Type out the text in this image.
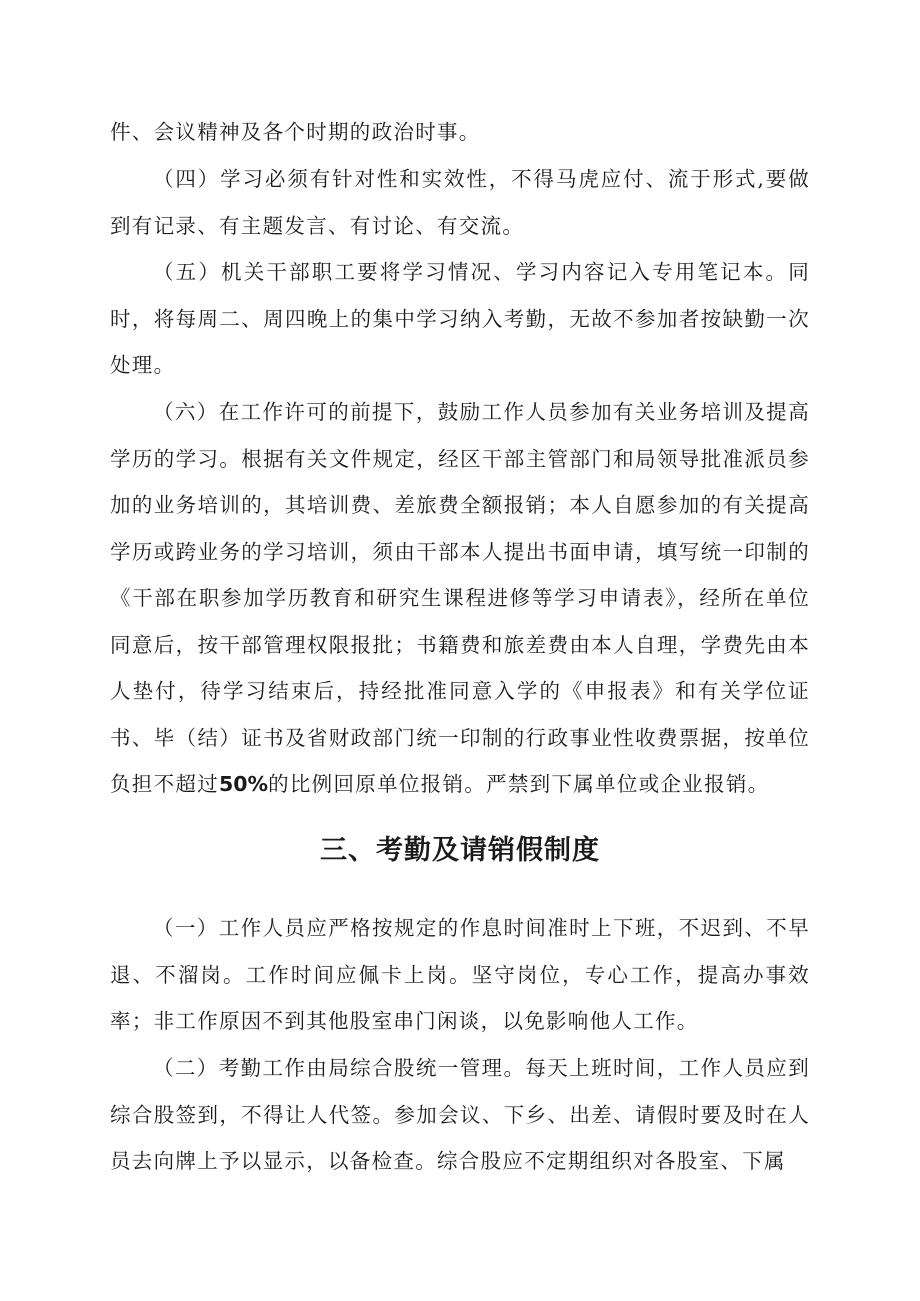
件、会议精神及各个时期的政治时事。

（四）学习必须有针对性和实效性，不得马虎应付、流于形式,要做到有记录、有主题发言、有讨论、有交流。

（五）机关干部职工要将学习情况、学习内容记入专用笔记本。同时，将每周二、周四晚上的集中学习纳入考勤，无故不参加者按缺勤一次处理。

（六）在工作许可的前提下，鼓励工作人员参加有关业务培训及提高学历的学习。根据有关文件规定，经区干部主管部门和局领导批准派员参加的业务培训的，其培训费、差旅费全额报销；本人自愿参加的有关提高学历或跨业务的学习培训，须由干部本人提出书面申请，填写统一印制的《干部在职参加学历教育和研究生课程进修等学习申请表》，经所在单位同意后，按干部管理权限报批；书籍费和旅差费由本人自理，学费先由本人垫付，待学习结束后，持经批准同意入学的《申报表》和有关学位证书、毕（结）证书及省财政部门统一印制的行政事业性收费票据，按单位负担不超过50%的比例回原单位报销。严禁到下属单位或企业报销。

三、考勤及请销假制度

（一）工作人员应严格按规定的作息时间准时上下班，不迟到、不早退、不溜岗。工作时间应佩卡上岗。坚守岗位，专心工作，提高办事效率；非工作原因不到其他股室串门闲谈，以免影响他人工作。

（二）考勤工作由局综合股统一管理。每天上班时间，工作人员应到综合股签到，不得让人代签。参加会议、下乡、出差、请假时要及时在人员去向牌上予以显示，以备检查。综合股应不定期组织对各股室、下属
